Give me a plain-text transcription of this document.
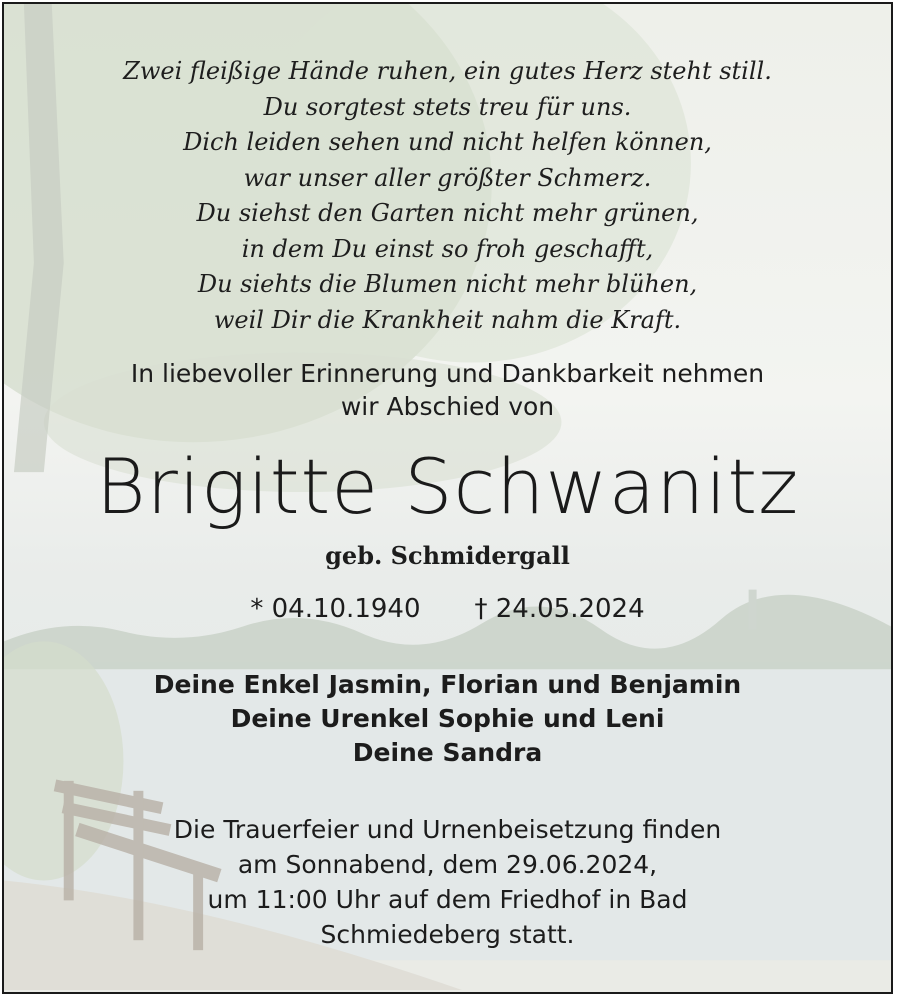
Zwei fleißige Hände ruhen, ein gutes Herz steht still.
Du sorgtest stets treu für uns.
Dich leiden sehen und nicht helfen können,
war unser aller größter Schmerz.
Du siehst den Garten nicht mehr grünen,
in dem Du einst so froh geschafft,
Du siehts die Blumen nicht mehr blühen,
weil Dir die Krankheit nahm die Kraft.
In liebevoller Erinnerung und Dankbarkeit nehmen
wir Abschied von
Brigitte Schwanitz
geb. Schmidergall
* 04.10.1940 † 24.05.2024
Deine Enkel Jasmin, Florian und Benjamin
Deine Urenkel Sophie und Leni
Deine Sandra
Die Trauerfeier und Urnenbeisetzung finden
am Sonnabend, dem 29.06.2024,
um 11:00 Uhr auf dem Friedhof in Bad
Schmiedeberg statt.
